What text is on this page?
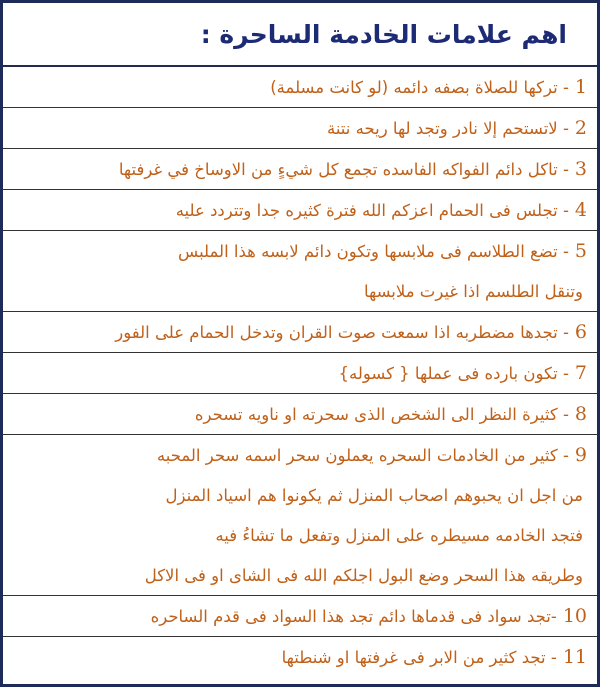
اهم علامات الخادمة الساحرة :
1
- تركها للصلاة بصفه دائمه (لو كانت مسلمة)
2
- لاتستحم إلا نادر وتجد لها ريحه نتنة
3
- تاكل دائم الفواكه الفاسده تجمع كل شيءٍ من الاوساخ في غرفتها
4
- تجلس فى الحمام اعزكم الله فترة كثيره جدا وتتردد عليه
5
- تضع الطلاسم فى ملابسها وتكون دائم لابسه هذا الملبس
وتنقل الطلسم اذا غيرت ملابسها
6
- تجدها مضطربه اذا سمعت صوت القران وتدخل الحمام على الفور
7
- تكون بارده فى عملها { كسوله}
8
- كثيرة النظر الى الشخص الذى سحرته او ناويه تسحره
9
- كثير من الخادمات السحره يعملون سحر اسمه سحر المحبه
من اجل ان يحبوهم اصحاب المنزل ثم يكونوا هم اسياد المنزل
فتجد الخادمه مسيطره على المنزل وتفعل ما تشاءُ فيه
وطريقه هذا السحر وضع البول اجلكم الله فى الشاى او فى الاكل
10
-تجد سواد فى قدماها دائم تجد هذا السواد فى قدم الساحره
11
- تجد كثير من الابر فى غرفتها او شنطتها
